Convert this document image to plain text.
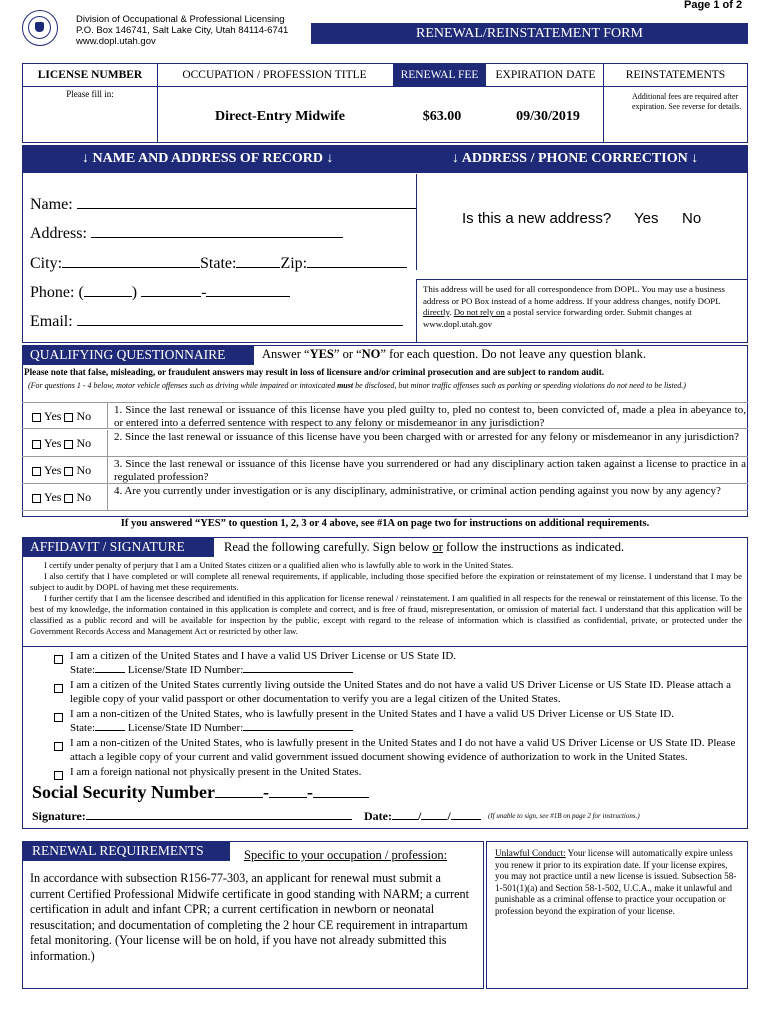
Page 1 of 2
Division of Occupational & Professional Licensing
P.O. Box 146741, Salt Lake City, Utah 84114-6741
www.dopl.utah.gov
RENEWAL/REINSTATEMENT FORM
LICENSE NUMBER	OCCUPATION / PROFESSION TITLE	RENEWAL FEE	EXPIRATION DATE	REINSTATEMENTS
Please fill in:
Direct-Entry Midwife	$63.00	09/30/2019
Additional fees are required after expiration. See reverse for details.
↓ NAME AND ADDRESS OF RECORD ↓	↓ ADDRESS / PHONE CORRECTION ↓
Name:
Address:
City:	State:	Zip:
Phone: (	)	-
Email:
Is this a new address? Yes No
This address will be used for all correspondence from DOPL. You may use a business address or PO Box instead of a home address. If your address changes, notify DOPL directly. Do not rely on a postal service forwarding order. Submit changes at www.dopl.utah.gov
QUALIFYING QUESTIONNAIRE	Answer “YES” or “NO” for each question. Do not leave any question blank.
Please note that false, misleading, or fraudulent answers may result in loss of licensure and/or criminal prosecution and are subject to random audit.
(For questions 1 - 4 below, motor vehicle offenses such as driving while impaired or intoxicated must be disclosed, but minor traffic offenses such as parking or speeding violations do not need to be listed.)
Yes No	1. Since the last renewal or issuance of this license have you pled guilty to, pled no contest to, been convicted of, made a plea in abeyance to, or entered into a deferred sentence with respect to any felony or misdemeanor in any jurisdiction?
Yes No	2. Since the last renewal or issuance of this license have you been charged with or arrested for any felony or misdemeanor in any jurisdiction?
Yes No	3. Since the last renewal or issuance of this license have you surrendered or had any disciplinary action taken against a license to practice in a regulated profession?
Yes No	4. Are you currently under investigation or is any disciplinary, administrative, or criminal action pending against you now by any agency?
If you answered “YES” to question 1, 2, 3 or 4 above, see #1A on page two for instructions on additional requirements.
AFFIDAVIT / SIGNATURE	Read the following carefully. Sign below or follow the instructions as indicated.
I certify under penalty of perjury that I am a United States citizen or a qualified alien who is lawfully able to work in the United States.
I also certify that I have completed or will complete all renewal requirements, if applicable, including those specified before the expiration or reinstatement of my license. I understand that I may be subject to audit by DOPL of having met these requirements.
I further certify that I am the licensee described and identified in this application for license renewal / reinstatement. I am qualified in all respects for the renewal or reinstatement of this license. To the best of my knowledge, the information contained in this application is complete and correct, and is free of fraud, misrepresentation, or omission of material fact. I understand that this application will be classified as a public record and will be available for inspection by the public, except with regard to the release of information which is classified as confidential, private, or protected under the Government Records Access and Management Act or restricted by other law.
I am a citizen of the United States and I have a valid US Driver License or US State ID.
State:	License/State ID Number:
I am a citizen of the United States currently living outside the United States and do not have a valid US Driver License or US State ID. Please attach a legible copy of your valid passport or other documentation to verify you are a legal citizen of the United States.
I am a non-citizen of the United States, who is lawfully present in the United States and I have a valid US Driver License or US State ID.
State:	License/State ID Number:
I am a non-citizen of the United States, who is lawfully present in the United States and I do not have a valid US Driver License or US State ID. Please attach a legible copy of your current and valid government issued document showing evidence of authorization to work in the United States.
I am a foreign national not physically present in the United States.
Social Security Number	- -
Signature:	Date: / /	(If unable to sign, see #1B on page 2 for instructions.)
RENEWAL REQUIREMENTS	Specific to your occupation / profession:
In accordance with subsection R156-77-303, an applicant for renewal must submit a current Certified Professional Midwife certificate in good standing with NARM; a current certification in adult and infant CPR; a current certification in newborn or neonatal resuscitation; and documentation of completing the 2 hour CE requirement in intrapartum fetal monitoring. (Your license will be on hold, if you have not already submitted this information.)
Unlawful Conduct: Your license will automatically expire unless you renew it prior to its expiration date. If your license expires, you may not practice until a new license is issued. Subsection 58-1-501(1)(a) and Section 58-1-502, U.C.A., make it unlawful and punishable as a criminal offense to practice your occupation or profession beyond the expiration of your license.
